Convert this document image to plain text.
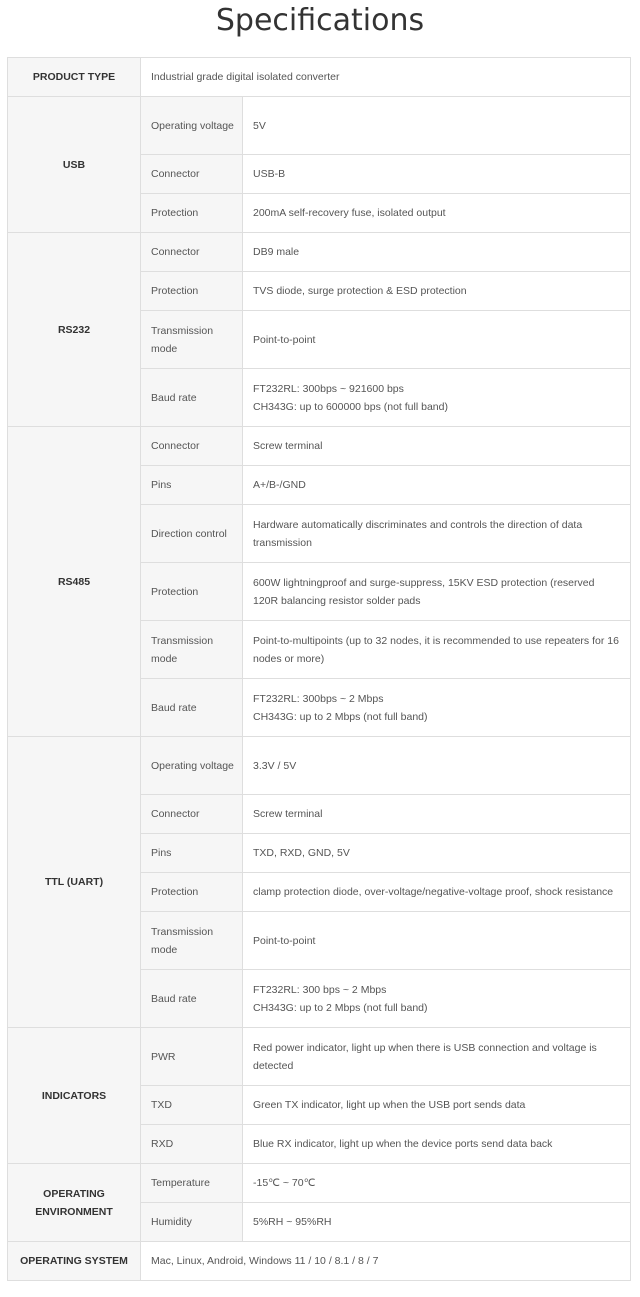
Specifications
PRODUCT TYPE	Industrial grade digital isolated converter	
USB	Operating voltage	5V
	Connector	USB-B
	Protection	200mA self-recovery fuse, isolated output
RS232	Connector	DB9 male
	Protection	TVS diode, surge protection & ESD protection
	Transmission mode	Point-to-point
	Baud rate	FT232RL: 300bps ~ 921600 bps
CH343G: up to 600000 bps (not full band)

RS485	Connector	Screw terminal
	Pins	A+/B-/GND
	Direction control	Hardware automatically discriminates and controls the direction of data transmission
	Protection	600W lightningproof and surge-suppress, 15KV ESD protection (reserved 120R balancing resistor solder pads
	Transmission mode	Point-to-multipoints (up to 32 nodes, it is recommended to use repeaters for 16 nodes or more)
	Baud rate	FT232RL: 300bps ~ 2 Mbps
CH343G: up to 2 Mbps (not full band)

TTL (UART)	Operating voltage	3.3V / 5V
	Connector	Screw terminal
	Pins	TXD, RXD, GND, 5V
	Protection	clamp protection diode, over-voltage/negative-voltage proof, shock resistance
	Transmission mode	Point-to-point
	Baud rate	FT232RL: 300 bps ~ 2 Mbps
CH343G: up to 2 Mbps (not full band)

INDICATORS	PWR	Red power indicator, light up when there is USB connection and voltage is detected
	TXD	Green TX indicator, light up when the USB port sends data
	RXD	Blue RX indicator, light up when the device ports send data back
OPERATING ENVIRONMENT	Temperature	-15℃ ~ 70℃
	Humidity	5%RH ~ 95%RH
OPERATING SYSTEM	Mac, Linux, Android, Windows 11 / 10 / 8.1 / 8 / 7	
